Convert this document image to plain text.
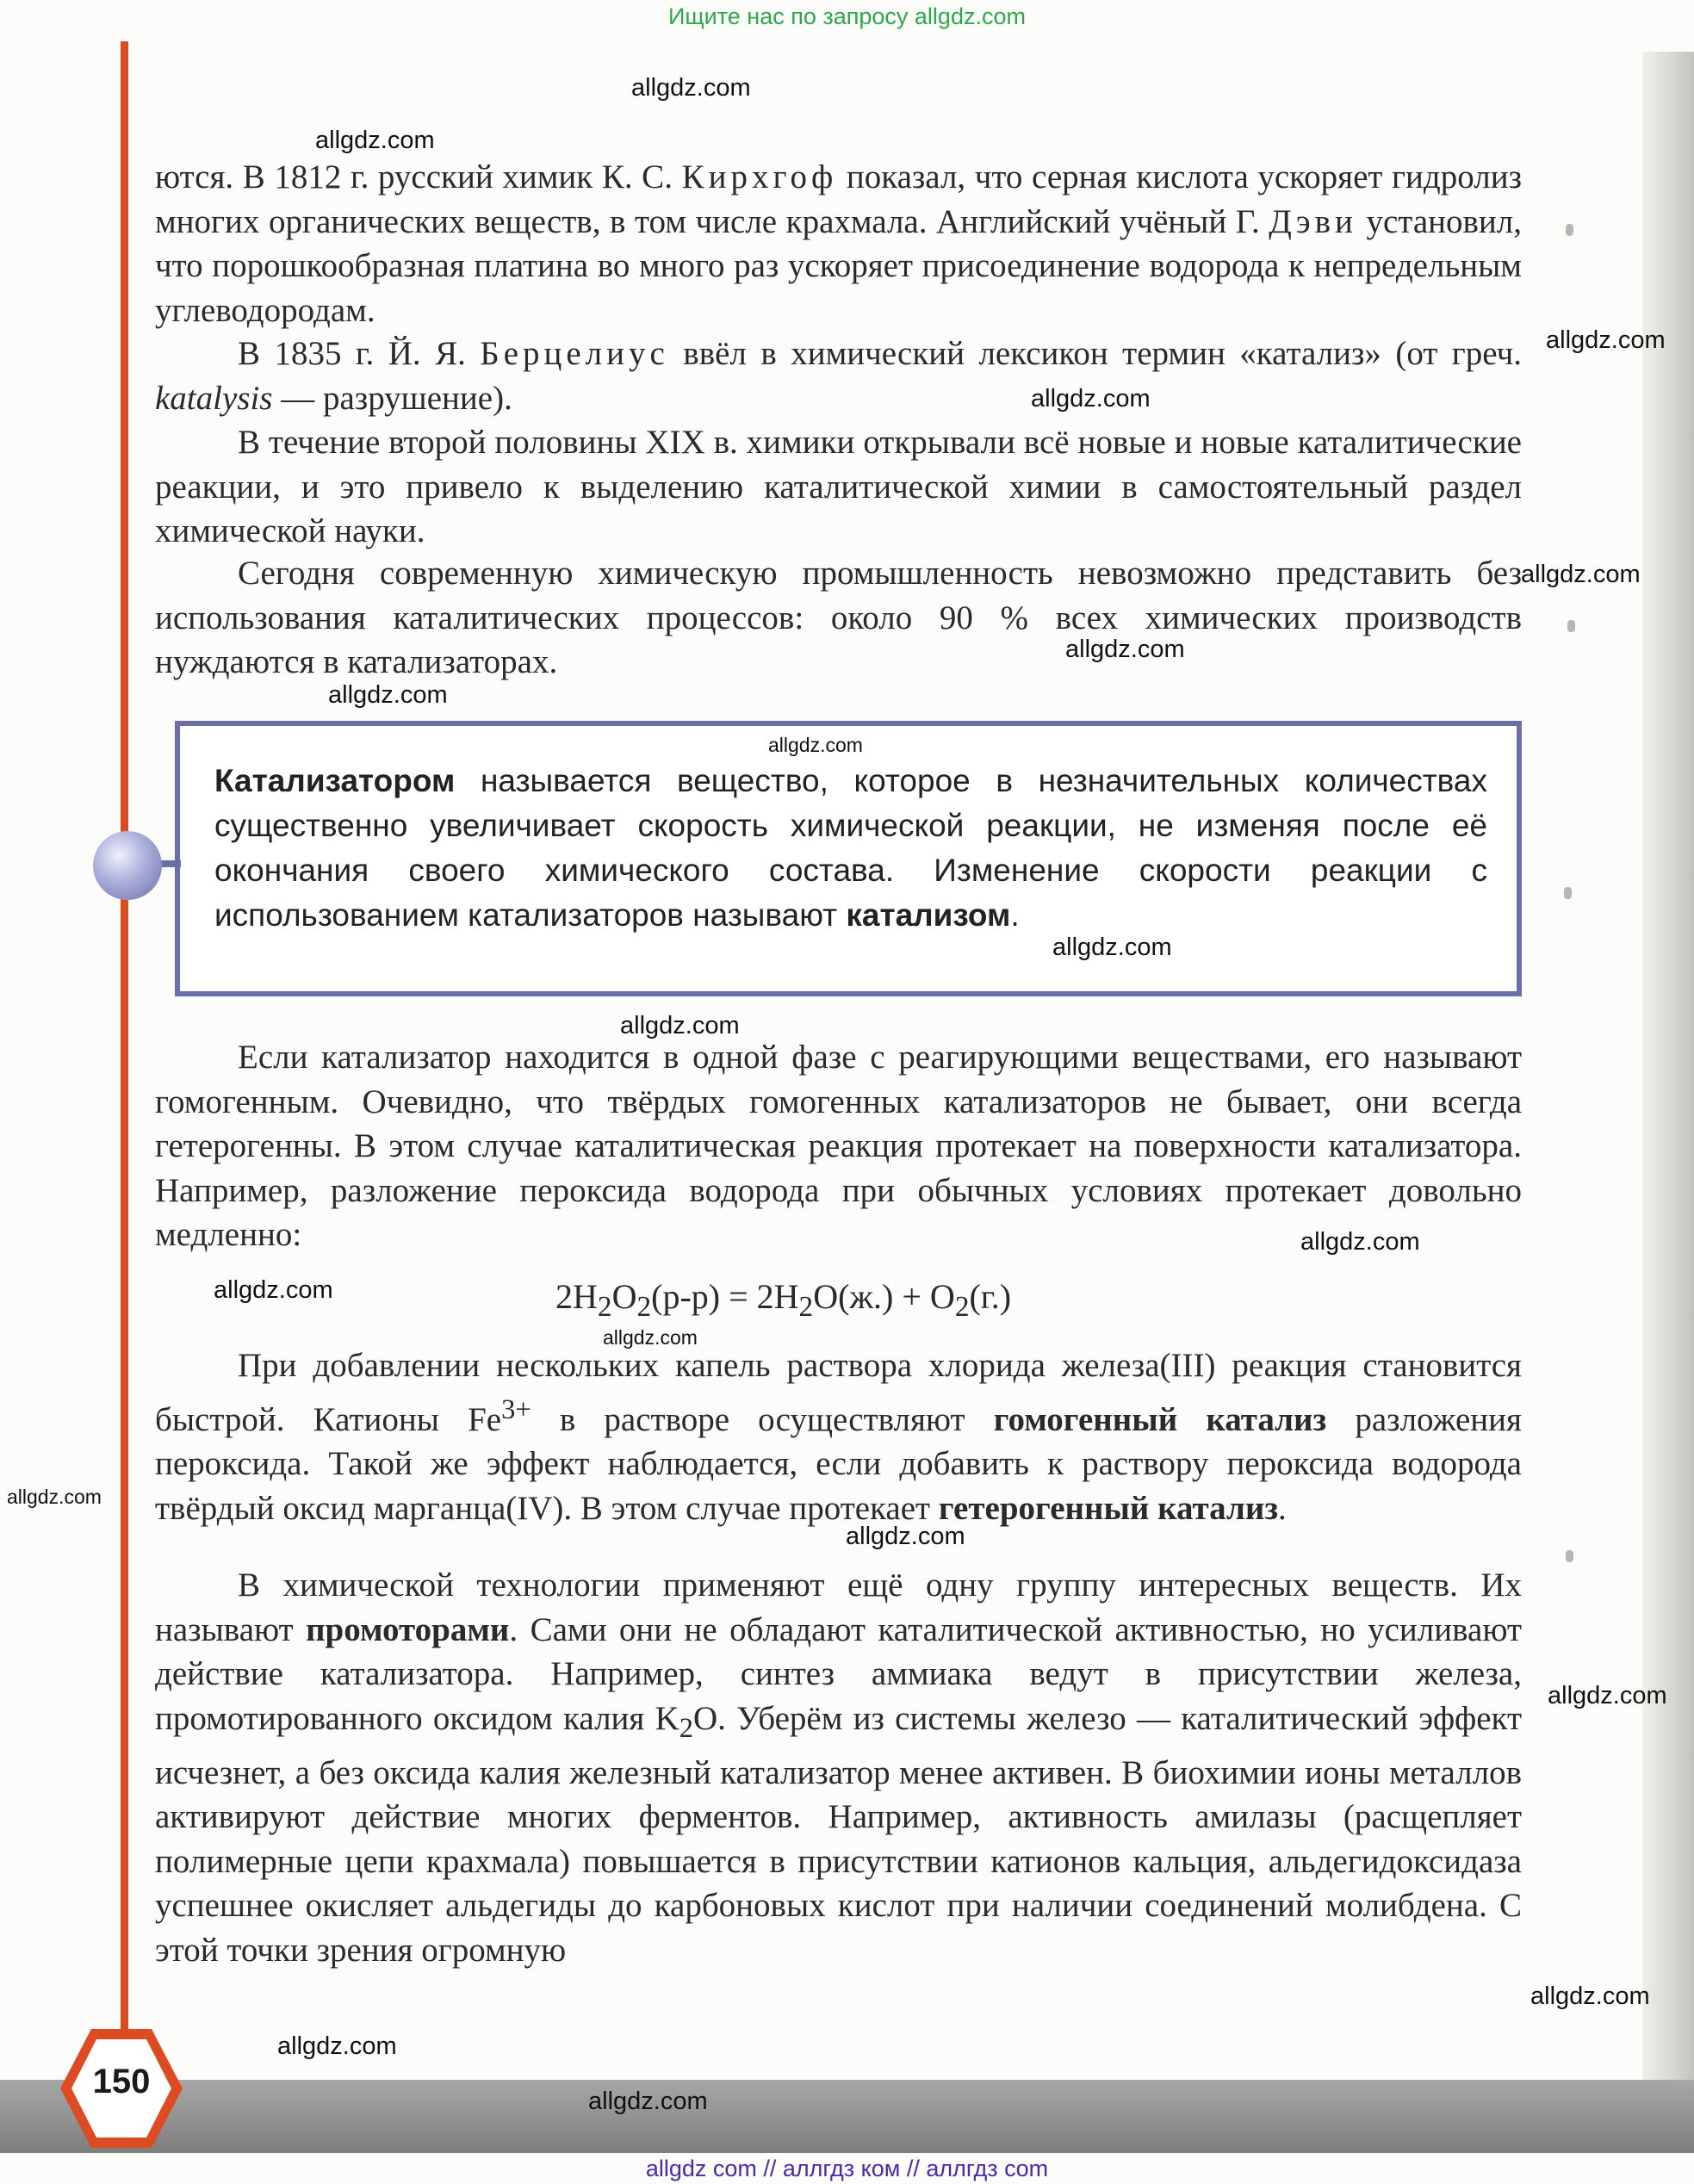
Ищите нас по запросу allgdz.com

ются. В 1812 г. русский химик К. С. Кирхгоф показал, что серная кислота ускоряет гидролиз многих органических веществ, в том числе крахмала. Английский учёный Г. Дэви установил, что порошкообразная платина во много раз ускоряет присоединение водорода к непредельным углеводородам.

В 1835 г. Й. Я. Берцелиус ввёл в химический лексикон термин «катализ» (от греч. katalysis — разрушение).

В течение второй половины XIX в. химики открывали всё новые и новые каталитические реакции, и это привело к выделению каталитической химии в самостоятельный раздел химической науки.

Сегодня современную химическую промышленность невозможно представить без использования каталитических процессов: около 90 % всех химических производств нуждаются в катализаторах.

Катализатором называется вещество, которое в незначительных количествах существенно увеличивает скорость химической реакции, не изменяя после её окончания своего химического состава. Изменение скорости реакции с использованием катализаторов называют катализом.

Если катализатор находится в одной фазе с реагирующими веществами, его называют гомогенным. Очевидно, что твёрдых гомогенных катализаторов не бывает, они всегда гетерогенны. В этом случае каталитическая реакция протекает на поверхности катализатора. Например, разложение пероксида водорода при обычных условиях протекает довольно медленно:

$2H_2O_2(р-р) = 2H_2O(ж.) + O_2(г.)$

При добавлении нескольких капель раствора хлорида железа(III) реакция становится быстрой. Катионы $Fe^{3+}$ в растворе осуществляют гомогенный катализ разложения пероксида. Такой же эффект наблюдается, если добавить к раствору пероксида водорода твёрдый оксид марганца(IV). В этом случае протекает гетерогенный катализ.

В химической технологии применяют ещё одну группу интересных веществ. Их называют промоторами. Сами они не обладают каталитической активностью, но усиливают действие катализатора. Например, синтез аммиака ведут в присутствии железа, промотированного оксидом калия $K_2O$. Уберём из системы железо — каталитический эффект исчезнет, а без оксида калия железный катализатор менее активен. В биохимии ионы металлов активируют действие многих ферментов. Например, активность амилазы (расщепляет полимерные цепи крахмала) повышается в присутствии катионов кальция, альдегидоксидаза успешнее окисляет альдегиды до карбоновых кислот при наличии соединений молибдена. С этой точки зрения огромную

150
allgdz.com
allgdz.com
allgdz.com
allgdz.com
allgdz.com
allgdz.com
allgdz.com
allgdz.com
allgdz.com
allgdz.com
allgdz.com
allgdz.com
allgdz.com
allgdz.com
allgdz.com
allgdz.com
allgdz.com
allgdz.com
allgdz.com
allgdz com // аллгдз ком // аллгдз com
